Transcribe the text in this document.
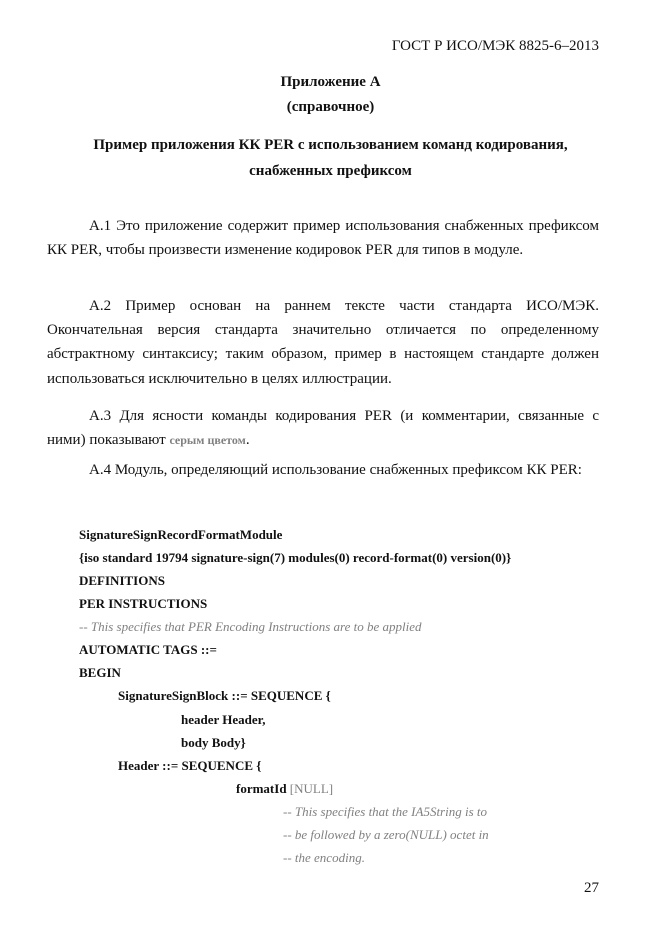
ГОСТ Р ИСО/МЭК 8825-6–2013
Приложение А
(справочное)
Пример приложения КК PER с использованием команд кодирования,
снабженных префиксом
А.1 Это приложение содержит пример использования снабженных префиксом КК PER, чтобы произвести изменение кодировок PER для типов в модуле.
А.2 Пример основан на раннем тексте части стандарта ИСО/МЭК. Окончательная версия стандарта значительно отличается по определенному абстрактному синтаксису; таким образом, пример в настоящем стандарте должен использоваться исключительно в целях иллюстрации.
А.3 Для ясности команды кодирования PER (и комментарии, связанные с ними) показывают серым цветом.
А.4 Модуль, определяющий использование снабженных префиксом КК PER:
SignatureSignRecordFormatModule
{iso standard 19794 signature-sign(7) modules(0) record-format(0) version(0)}
DEFINITIONS
PER INSTRUCTIONS
-- This specifies that PER Encoding Instructions are to be applied
AUTOMATIC TAGS ::=
BEGIN
SignatureSignBlock ::= SEQUENCE {
header Header,
body Body}
Header ::= SEQUENCE {
formatId [NULL]
-- This specifies that the IA5String is to
-- be followed by a zero(NULL) octet in
-- the encoding.
27
